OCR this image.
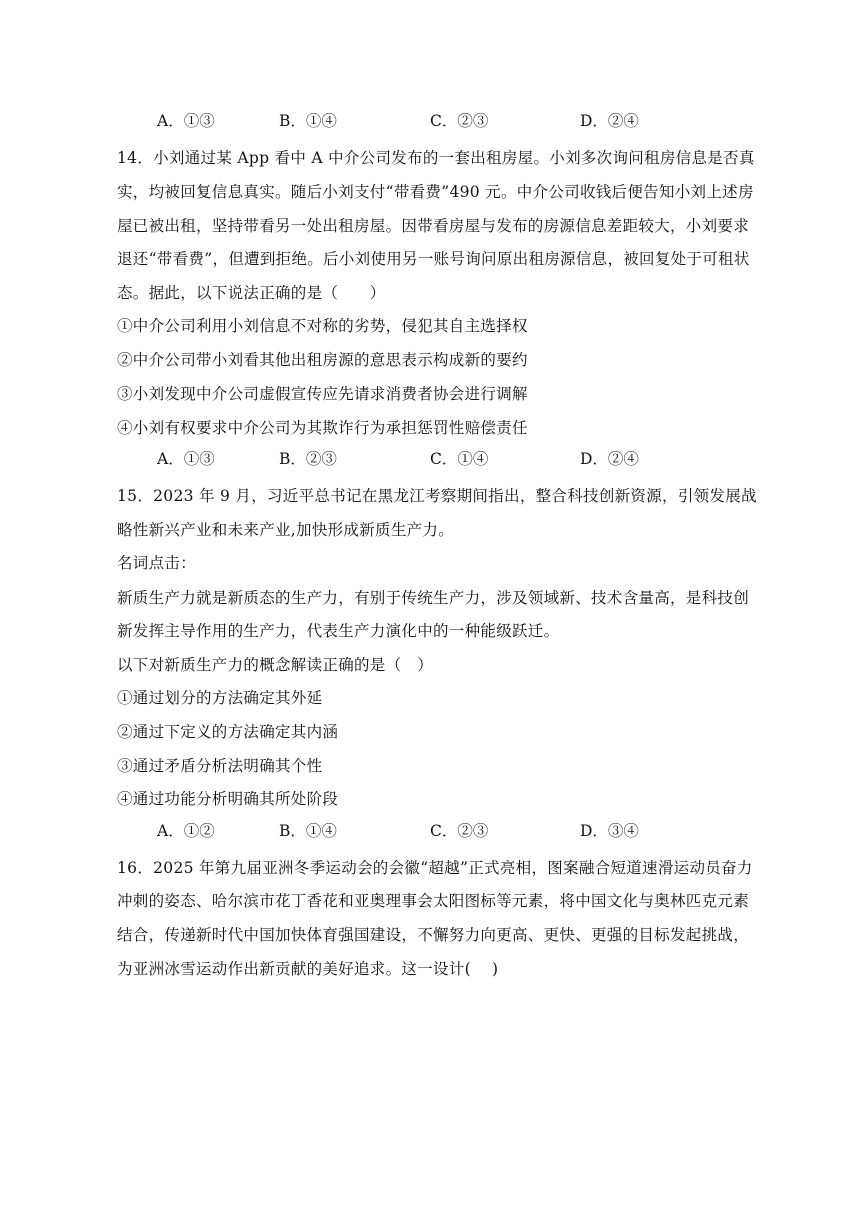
A．①③	B．①④	C．②③	D．②④
14．小刘通过某 App 看中 A 中介公司发布的一套出租房屋。小刘多次询问租房信息是否真
实，均被回复信息真实。随后小刘支付“带看费”490 元。中介公司收钱后便告知小刘上述房
屋已被出租，坚持带看另一处出租房屋。因带看房屋与发布的房源信息差距较大，小刘要求
退还“带看费”，但遭到拒绝。后小刘使用另一账号询问原出租房源信息，被回复处于可租状
态。据此，以下说法正确的是（　　）
①中介公司利用小刘信息不对称的劣势，侵犯其自主选择权
②中介公司带小刘看其他出租房源的意思表示构成新的要约
③小刘发现中介公司虚假宣传应先请求消费者协会进行调解
④小刘有权要求中介公司为其欺诈行为承担惩罚性赔偿责任
A．①③	B．②③	C．①④	D．②④
15．2023 年 9 月，习近平总书记在黑龙江考察期间指出，整合科技创新资源，引领发展战
略性新兴产业和未来产业,加快形成新质生产力。
名词点击：
新质生产力就是新质态的生产力，有别于传统生产力，涉及领域新、技术含量高，是科技创
新发挥主导作用的生产力，代表生产力演化中的一种能级跃迁。
以下对新质生产力的概念解读正确的是（　）
①通过划分的方法确定其外延
②通过下定义的方法确定其内涵
③通过矛盾分析法明确其个性
④通过功能分析明确其所处阶段
A．①②	B．①④	C．②③	D．③④
16．2025 年第九届亚洲冬季运动会的会徽“超越”正式亮相，图案融合短道速滑运动员奋力
冲刺的姿态、哈尔滨市花丁香花和亚奥理事会太阳图标等元素，将中国文化与奥林匹克元素
结合，传递新时代中国加快体育强国建设，不懈努力向更高、更快、更强的目标发起挑战，
为亚洲冰雪运动作出新贡献的美好追求。这一设计(　 )
